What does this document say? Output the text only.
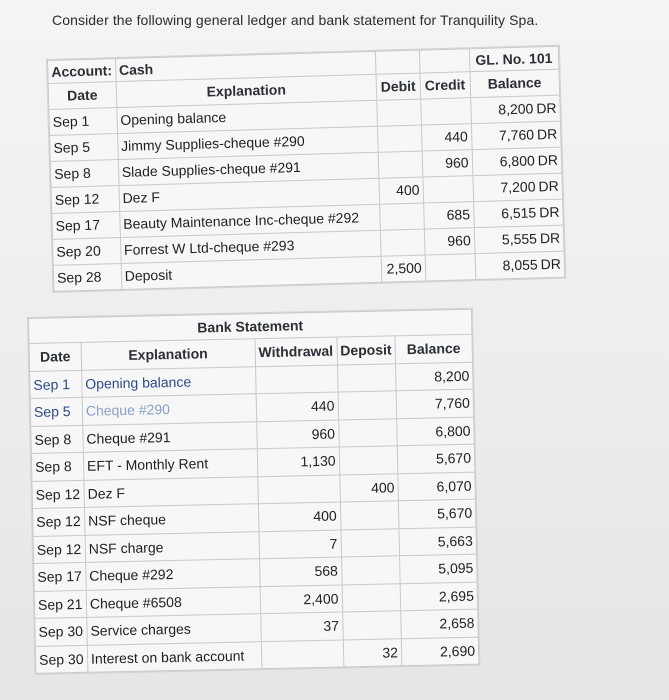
Consider the following general ledger and bank statement for Tranquility Spa.
Account:	Cash			GL. No. 101
Date	Explanation	Debit	Credit	Balance
Sep 1	Opening balance			8,200 DR
Sep 5	Jimmy Supplies-cheque #290		440	7,760 DR
Sep 8	Slade Supplies-cheque #291		960	6,800 DR
Sep 12	Dez F	400		7,200 DR
Sep 17	Beauty Maintenance Inc-cheque #292		685	6,515 DR
Sep 20	Forrest W Ltd-cheque #293		960	5,555 DR
Sep 28	Deposit	2,500		8,055 DR
Bank Statement				
Date	Explanation	Withdrawal	Deposit	Balance
Sep 1	Opening balance			8,200
Sep 5	Cheque #290	440		7,760
Sep 8	Cheque #291	960		6,800
Sep 8	EFT - Monthly Rent	1,130		5,670
Sep 12	Dez F		400	6,070
Sep 12	NSF cheque	400		5,670
Sep 12	NSF charge	7		5,663
Sep 17	Cheque #292	568		5,095
Sep 21	Cheque #6508	2,400		2,695
Sep 30	Service charges	37		2,658
Sep 30	Interest on bank account		32	2,690
